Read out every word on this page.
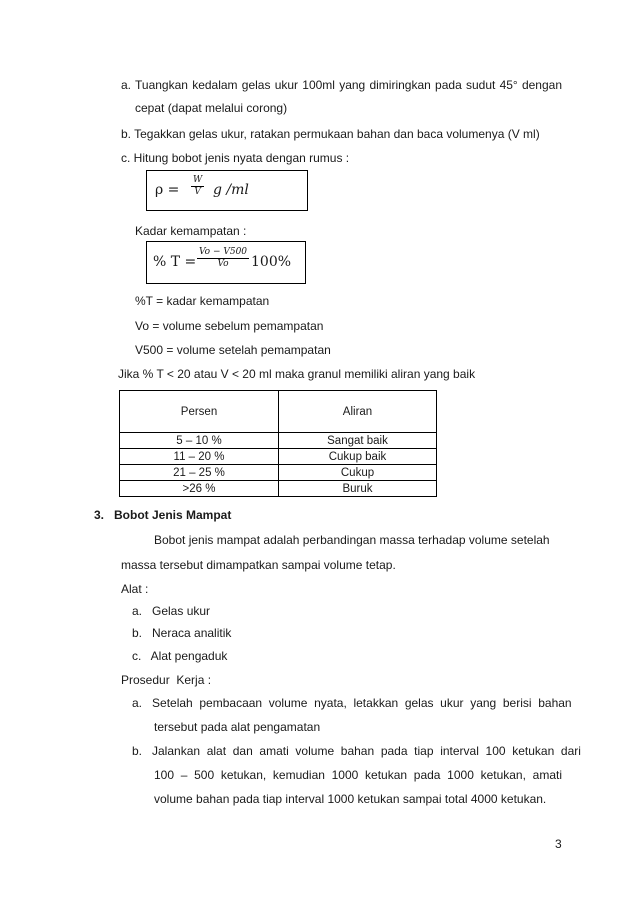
a. Tuangkan kedalam gelas ukur 100ml yang dimiringkan pada sudut 45° dengan
cepat (dapat melalui corong)
b. Tegakkan gelas ukur, ratakan permukaan bahan dan baca volumenya (V ml)
c. Hitung bobot jenis nyata dengan rumus :
$\rho = \frac{W}{V}$ g /ml
Kadar kemampatan :
% $T = \frac{Vo - V500}{Vo} 100\%$
%T = kadar kemampatan
Vo = volume sebelum pemampatan
V500 = volume setelah pemampatan
Jika % T < 20 atau V < 20 ml maka granul memiliki aliran yang baik
Persen	Aliran
5 – 10 %	Sangat baik
11 – 20 %	Cukup baik
21 – 25 %	Cukup
>26 %	Buruk
3.   Bobot Jenis Mampat
Bobot jenis mampat adalah perbandingan massa terhadap volume setelah
massa tersebut dimampatkan sampai volume tetap.
Alat :
a.   Gelas ukur
b.   Neraca analitik
c.   Alat pengaduk
Prosedur  Kerja :
a.   Setelah  pembacaan  volume  nyata,  letakkan  gelas  ukur  yang  berisi  bahan
tersebut pada alat pengamatan
b.   Jalankan  alat  dan  amati  volume  bahan  pada  tiap  interval  100  ketukan  dari
100  –  500  ketukan,  kemudian  1000  ketukan  pada  1000  ketukan,  amati
volume bahan pada tiap interval 1000 ketukan sampai total 4000 ketukan.
3
